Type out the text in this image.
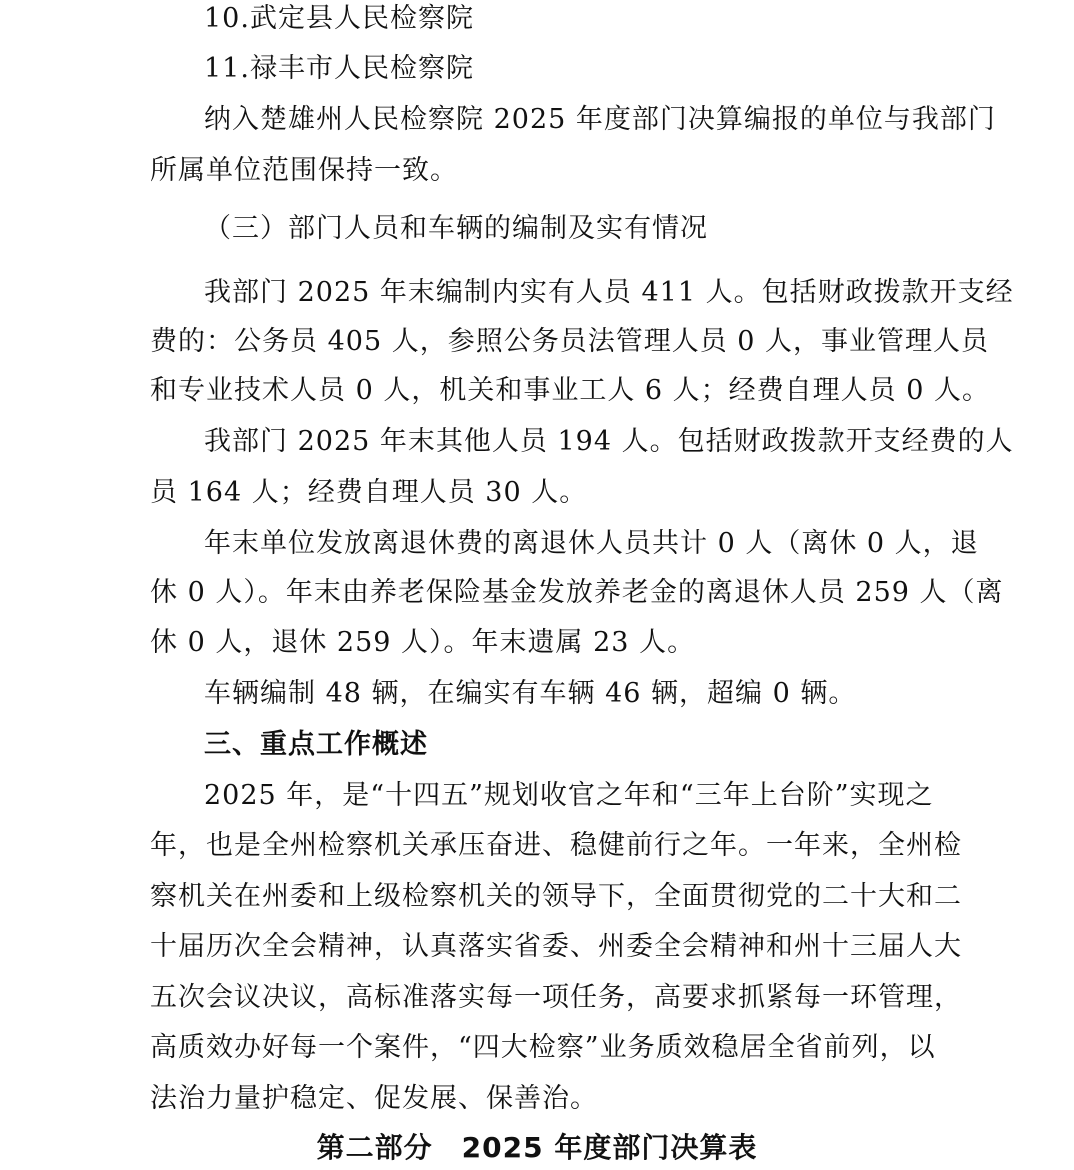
10.武定县人民检察院
11.禄丰市人民检察院
纳入楚雄州人民检察院 2025 年度部门决算编报的单位与我部门
所属单位范围保持一致。
（三）部门人员和车辆的编制及实有情况
我部门 2025 年末编制内实有人员 411 人。包括财政拨款开支经
费的：公务员 405 人，参照公务员法管理人员 0 人，事业管理人员
和专业技术人员 0 人，机关和事业工人 6 人；经费自理人员 0 人。
我部门 2025 年末其他人员 194 人。包括财政拨款开支经费的人
员 164 人；经费自理人员 30 人。
年末单位发放离退休费的离退休人员共计 0 人（离休 0 人，退
休 0 人）。年末由养老保险基金发放养老金的离退休人员 259 人（离
休 0 人，退休 259 人）。年末遗属 23 人。
车辆编制 48 辆，在编实有车辆 46 辆，超编 0 辆。
三、重点工作概述
2025 年，是“十四五”规划收官之年和“三年上台阶”实现之
年，也是全州检察机关承压奋进、稳健前行之年。一年来，全州检
察机关在州委和上级检察机关的领导下，全面贯彻党的二十大和二
十届历次全会精神，认真落实省委、州委全会精神和州十三届人大
五次会议决议，高标准落实每一项任务，高要求抓紧每一环管理，
高质效办好每一个案件，“四大检察”业务质效稳居全省前列，以
法治力量护稳定、促发展、保善治。
第二部分　2025 年度部门决算表
